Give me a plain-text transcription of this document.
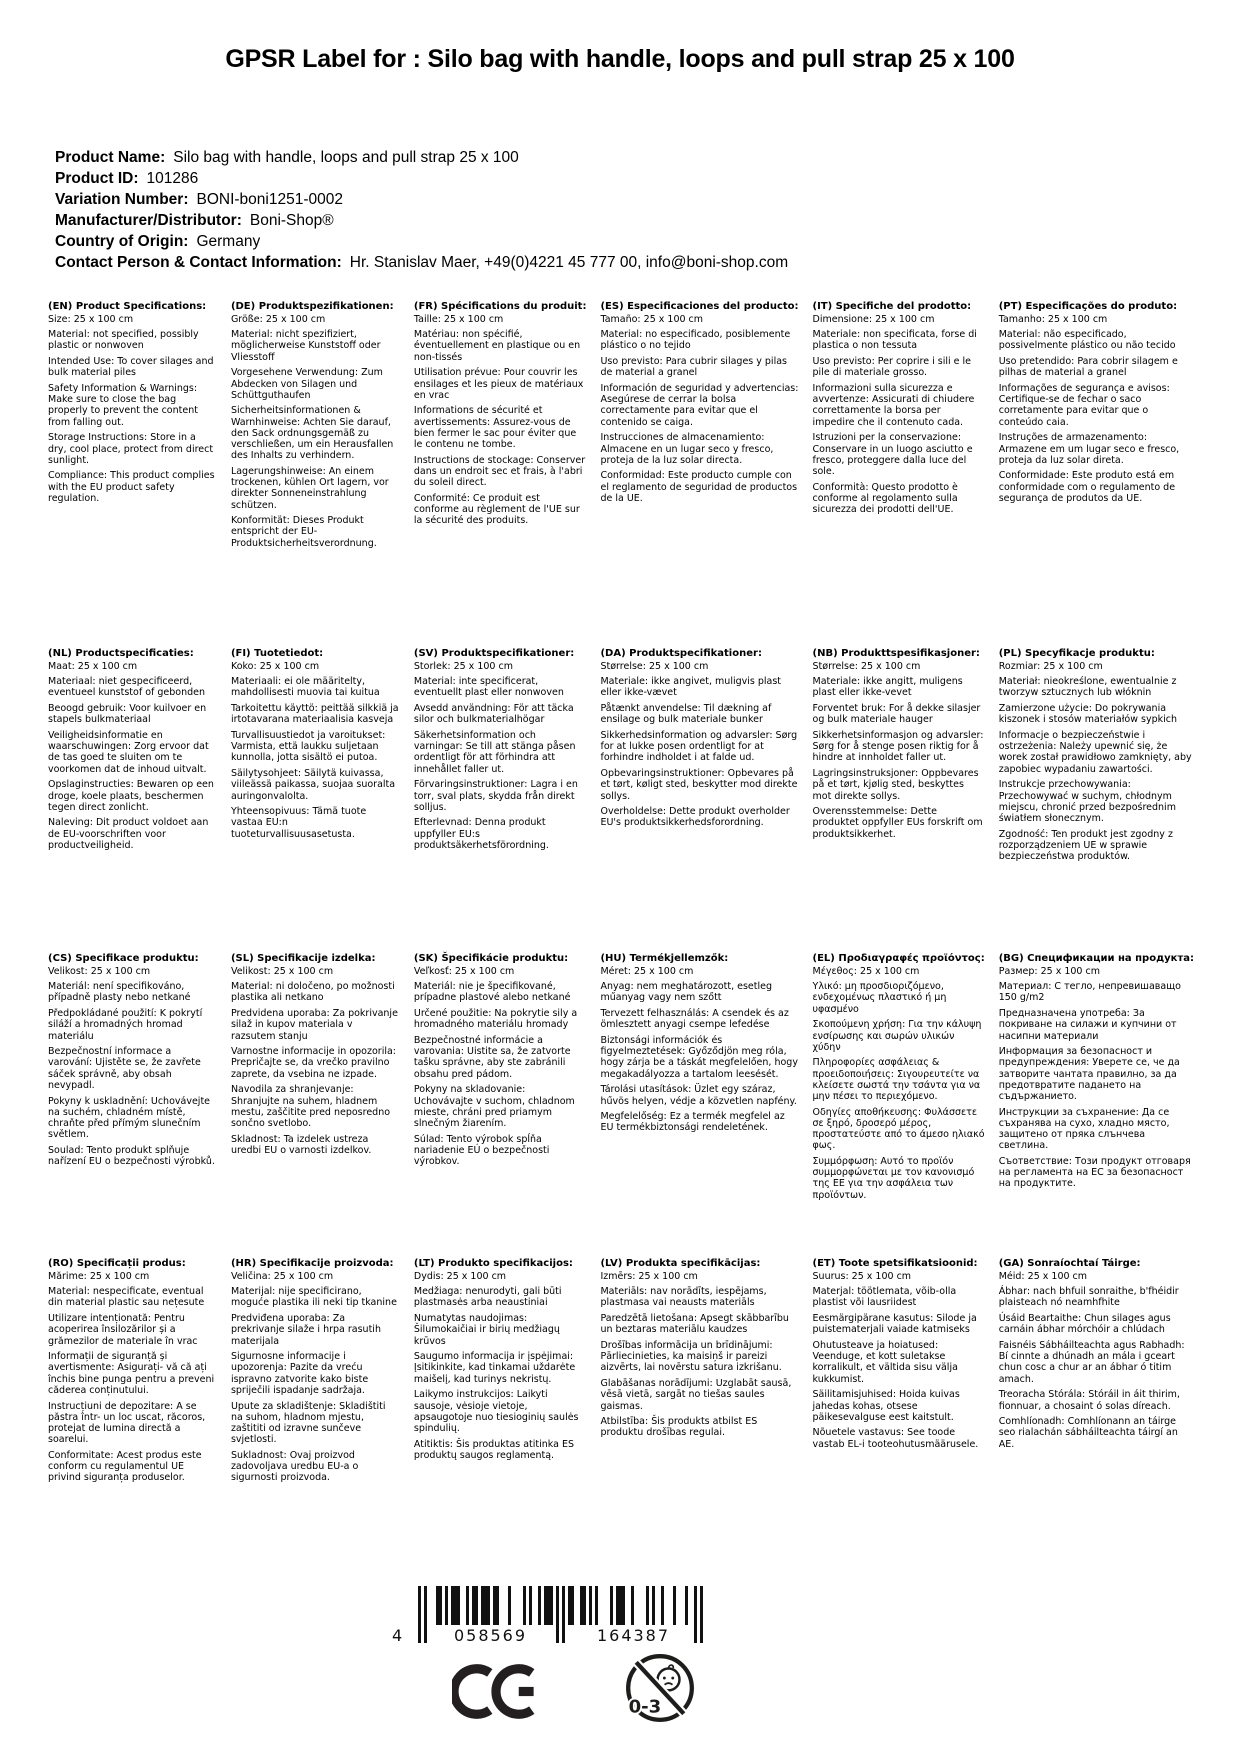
GPSR Label for : Silo bag with handle, loops and pull strap 25 x 100
Product Name: Silo bag with handle, loops and pull strap 25 x 100
Product ID: 101286
Variation Number: BONI-boni1251-0002
Manufacturer/Distributor: Boni-Shop®
Country of Origin: Germany
Contact Person & Contact Information: Hr. Stanislav Maer, +49(0)4221 45 777 00, info@boni-shop.com
(EN) Product Specifications:

Size: 25 x 100 cm

Material: not specified, possibly plastic or nonwoven

Intended Use: To cover silages and bulk material piles

Safety Information & Warnings: Make sure to close the bag properly to prevent the content from falling out.

Storage Instructions: Store in a dry, cool place, protect from direct sunlight.

Compliance: This product complies with the EU product safety regulation.

(DE) Produktspezifikationen:

Größe: 25 x 100 cm

Material: nicht spezifiziert, möglicherweise Kunststoff oder Vliesstoff

Vorgesehene Verwendung: Zum Abdecken von Silagen und Schüttguthaufen

Sicherheitsinformationen & Warnhinweise: Achten Sie darauf, den Sack ordnungsgemäß zu verschließen, um ein Herausfallen des Inhalts zu verhindern.

Lagerungshinweise: An einem trockenen, kühlen Ort lagern, vor direkter Sonneneinstrahlung schützen.

Konformität: Dieses Produkt entspricht der EU-Produktsicherheitsverordnung.

(FR) Spécifications du produit:

Taille: 25 x 100 cm

Matériau: non spécifié, éventuellement en plastique ou en non-tissés

Utilisation prévue: Pour couvrir les ensilages et les pieux de matériaux en vrac

Informations de sécurité et avertissements: Assurez-vous de bien fermer le sac pour éviter que le contenu ne tombe.

Instructions de stockage: Conserver dans un endroit sec et frais, à l'abri du soleil direct.

Conformité: Ce produit est conforme au règlement de l'UE sur la sécurité des produits.

(ES) Especificaciones del producto:

Tamaño: 25 x 100 cm

Material: no especificado, posiblemente plástico o no tejido

Uso previsto: Para cubrir silages y pilas de material a granel

Información de seguridad y advertencias: Asegúrese de cerrar la bolsa correctamente para evitar que el contenido se caiga.

Instrucciones de almacenamiento: Almacene en un lugar seco y fresco, proteja de la luz solar directa.

Conformidad: Este producto cumple con el reglamento de seguridad de productos de la UE.

(IT) Specifiche del prodotto:

Dimensione: 25 x 100 cm

Materiale: non specificata, forse di plastica o non tessuta

Uso previsto: Per coprire i sili e le pile di materiale grosso.

Informazioni sulla sicurezza e avvertenze: Assicurati di chiudere correttamente la borsa per impedire che il contenuto cada.

Istruzioni per la conservazione: Conservare in un luogo asciutto e fresco, proteggere dalla luce del sole.

Conformità: Questo prodotto è conforme al regolamento sulla sicurezza dei prodotti dell'UE.

(PT) Especificações do produto:

Tamanho: 25 x 100 cm

Material: não especificado, possivelmente plástico ou não tecido

Uso pretendido: Para cobrir silagem e pilhas de material a granel

Informações de segurança e avisos: Certifique-se de fechar o saco corretamente para evitar que o conteúdo caia.

Instruções de armazenamento: Armazene em um lugar seco e fresco, proteja da luz solar direta.

Conformidade: Este produto está em conformidade com o regulamento de segurança de produtos da UE.

(NL) Productspecificaties:

Maat: 25 x 100 cm

Materiaal: niet gespecificeerd, eventueel kunststof of gebonden

Beoogd gebruik: Voor kuilvoer en stapels bulkmateriaal

Veiligheidsinformatie en waarschuwingen: Zorg ervoor dat de tas goed te sluiten om te voorkomen dat de inhoud uitvalt.

Opslaginstructies: Bewaren op een droge, koele plaats, beschermen tegen direct zonlicht.

Naleving: Dit product voldoet aan de EU-voorschriften voor productveiligheid.

(FI) Tuotetiedot:

Koko: 25 x 100 cm

Materiaali: ei ole määritelty, mahdollisesti muovia tai kuitua

Tarkoitettu käyttö: peittää silkkiä ja irtotavarana materiaalisia kasveja

Turvallisuustiedot ja varoitukset: Varmista, että laukku suljetaan kunnolla, jotta sisältö ei putoa.

Säilytysohjeet: Säilytä kuivassa, viileässä paikassa, suojaa suoralta auringonvalolta.

Yhteensopivuus: Tämä tuote vastaa EU:n tuoteturvallisuusasetusta.

(SV) Produktspecifikationer:

Storlek: 25 x 100 cm

Material: inte specificerat, eventuellt plast eller nonwoven

Avsedd användning: För att täcka silor och bulkmaterialhögar

Säkerhetsinformation och varningar: Se till att stänga påsen ordentligt för att förhindra att innehållet faller ut.

Förvaringsinstruktioner: Lagra i en torr, sval plats, skydda från direkt solljus.

Efterlevnad: Denna produkt uppfyller EU:s produktsäkerhetsförordning.

(DA) Produktspecifikationer:

Størrelse: 25 x 100 cm

Materiale: ikke angivet, muligvis plast eller ikke-vævet

Påtænkt anvendelse: Til dækning af ensilage og bulk materiale bunker

Sikkerhedsinformation og advarsler: Sørg for at lukke posen ordentligt for at forhindre indholdet i at falde ud.

Opbevaringsinstruktioner: Opbevares på et tørt, køligt sted, beskytter mod direkte sollys.

Overholdelse: Dette produkt overholder EU's produktsikkerhedsforordning.

(NB) Produkttspesifikasjoner:

Størrelse: 25 x 100 cm

Materiale: ikke angitt, muligens plast eller ikke-vevet

Forventet bruk: For å dekke silasjer og bulk materiale hauger

Sikkerhetsinformasjon og advarsler: Sørg for å stenge posen riktig for å hindre at innholdet faller ut.

Lagringsinstruksjoner: Oppbevares på et tørt, kjølig sted, beskyttes mot direkte sollys.

Overensstemmelse: Dette produktet oppfyller EUs forskrift om produktsikkerhet.

(PL) Specyfikacje produktu:

Rozmiar: 25 x 100 cm

Materiał: nieokreślone, ewentualnie z tworzyw sztucznych lub włóknin

Zamierzone użycie: Do pokrywania kiszonek i stosów materiałów sypkich

Informacje o bezpieczeństwie i ostrzeżenia: Należy upewnić się, że worek został prawidłowo zamknięty, aby zapobiec wypadaniu zawartości.

Instrukcje przechowywania: Przechowywać w suchym, chłodnym miejscu, chronić przed bezpośrednim światłem słonecznym.

Zgodność: Ten produkt jest zgodny z rozporządzeniem UE w sprawie bezpieczeństwa produktów.

(CS) Specifikace produktu:

Velikost: 25 x 100 cm

Materiál: není specifikováno, případně plasty nebo netkané

Předpokládané použití: K pokrytí siláží a hromadných hromad materiálu

Bezpečnostní informace a varování: Ujistěte se, že zavřete sáček správně, aby obsah nevypadl.

Pokyny k uskladnění: Uchovávejte na suchém, chladném místě, chraňte před přímým slunečním světlem.

Soulad: Tento produkt splňuje nařízení EU o bezpečnosti výrobků.

(SL) Specifikacije izdelka:

Velikost: 25 x 100 cm

Material: ni določeno, po možnosti plastika ali netkano

Predvidena uporaba: Za pokrivanje silaž in kupov materiala v razsutem stanju

Varnostne informacije in opozorila: Prepričajte se, da vrečko pravilno zaprete, da vsebina ne izpade.

Navodila za shranjevanje: Shranjujte na suhem, hladnem mestu, zaščitite pred neposredno sončno svetlobo.

Skladnost: Ta izdelek ustreza uredbi EU o varnosti izdelkov.

(SK) Špecifikácie produktu:

Veľkosť: 25 x 100 cm

Materiál: nie je špecifikované, prípadne plastové alebo netkané

Určené použitie: Na pokrytie sily a hromadného materiálu hromady

Bezpečnostné informácie a varovania: Uistite sa, že zatvorte tašku správne, aby ste zabránili obsahu pred pádom.

Pokyny na skladovanie: Uchovávajte v suchom, chladnom mieste, chráni pred priamym slnečným žiarením.

Súlad: Tento výrobok spĺňa nariadenie EÚ o bezpečnosti výrobkov.

(HU) Termékjellemzők:

Méret: 25 x 100 cm

Anyag: nem meghatározott, esetleg műanyag vagy nem szőtt

Tervezett felhasználás: A csendek és az ömlesztett anyagi csempe lefedése

Biztonsági információk és figyelmeztetések: Győződjön meg róla, hogy zárja be a táskát megfelelően, hogy megakadályozza a tartalom leesését.

Tárolási utasítások: Üzlet egy száraz, hűvös helyen, védje a közvetlen napfény.

Megfelelőség: Ez a termék megfelel az EU termékbiztonsági rendeletének.

(EL) Προδιαγραφές προϊόντος:

Μέγεθος: 25 x 100 cm

Υλικό: μη προσδιοριζόμενο, ενδεχομένως πλαστικό ή μη υφασμένο

Σκοπούμενη χρήση: Για την κάλυψη ενσίρωσης και σωρών υλικών χύδην

Πληροφορίες ασφάλειας & προειδοποιήσεις: Σιγουρευτείτε να κλείσετε σωστά την τσάντα για να μην πέσει το περιεχόμενο.

Οδηγίες αποθήκευσης: Φυλάσσετε σε ξηρό, δροσερό μέρος, προστατεύστε από το άμεσο ηλιακό φως.

Συμμόρφωση: Αυτό το προϊόν συμμορφώνεται με τον κανονισμό της ΕΕ για την ασφάλεια των προϊόντων.

(BG) Спецификации на продукта:

Размер: 25 x 100 cm

Материал: С тегло, непревишаващо 150 g/m2

Предназначена употреба: За покриване на силажи и купчини от насипни материали

Информация за безопасност и предупреждения: Уверете се, че да затворите чантата правилно, за да предотвратите падането на съдържанието.

Инструкции за съхранение: Да се съхранява на сухо, хладно място, защитено от пряка слънчева светлина.

Съответствие: Този продукт отговаря на регламента на ЕС за безопасност на продуктите.

(RO) Specificații produs:

Mărime: 25 x 100 cm

Material: nespecificate, eventual din material plastic sau nețesute

Utilizare intenționată: Pentru acoperirea însilozărilor și a grămezilor de materiale în vrac

Informații de siguranță și avertismente: Asigurați- vă că ați închis bine punga pentru a preveni căderea conținutului.

Instrucțiuni de depozitare: A se păstra într- un loc uscat, răcoros, protejat de lumina directă a soarelui.

Conformitate: Acest produs este conform cu regulamentul UE privind siguranța produselor.

(HR) Specifikacije proizvoda:

Veličina: 25 x 100 cm

Materijal: nije specificirano, moguće plastika ili neki tip tkanine

Predviđena uporaba: Za prekrivanje silaže i hrpa rasutih materijala

Sigurnosne informacije i upozorenja: Pazite da vreću ispravno zatvorite kako biste spriječili ispadanje sadržaja.

Upute za skladištenje: Skladištiti na suhom, hladnom mjestu, zaštititi od izravne sunčeve svjetlosti.

Sukladnost: Ovaj proizvod zadovoljava uredbu EU-a o sigurnosti proizvoda.

(LT) Produkto specifikacijos:

Dydis: 25 x 100 cm

Medžiaga: nenurodyti, gali būti plastmasės arba neaustiniai

Numatytas naudojimas: Šilumokaičiai ir birių medžiagų krūvos

Saugumo informacija ir įspėjimai: Įsitikinkite, kad tinkamai uždarėte maišelį, kad turinys nekristų.

Laikymo instrukcijos: Laikyti sausoje, vėsioje vietoje, apsaugotoje nuo tiesioginių saulės spindulių.

Atitiktis: Šis produktas atitinka ES produktų saugos reglamentą.

(LV) Produkta specifikācijas:

Izmērs: 25 x 100 cm

Materiāls: nav norādīts, iespējams, plastmasa vai neausts materiāls

Paredzētā lietošana: Apsegt skābbarību un beztaras materiālu kaudzes

Drošības informācija un brīdinājumi: Pārliecinieties, ka maisiņš ir pareizi aizvērts, lai novērstu satura izkrišanu.

Glabāšanas norādījumi: Uzglabāt sausā, vēsā vietā, sargāt no tiešas saules gaismas.

Atbilstība: Šis produkts atbilst ES produktu drošības regulai.

(ET) Toote spetsifikatsioonid:

Suurus: 25 x 100 cm

Materjal: töötlemata, võib-olla plastist või lausriidest

Eesmärgipärane kasutus: Silode ja puistematerjali vaiade katmiseks

Ohutusteave ja hoiatused: Veenduge, et kott suletakse korralikult, et vältida sisu välja kukkumist.

Säilitamisjuhised: Hoida kuivas jahedas kohas, otsese päikesevalguse eest kaitstult.

Nõuetele vastavus: See toode vastab EL-i tooteohutusmäärusele.

(GA) Sonraíochtaí Táirge:

Méid: 25 x 100 cm

Ábhar: nach bhfuil sonraithe, b'fhéidir plaisteach nó neamhfhite

Úsáid Beartaithe: Chun silages agus carnáin ábhar mórchóir a chlúdach

Faisnéis Sábháilteachta agus Rabhadh: Bí cinnte a dhúnadh an mála i gceart chun cosc a chur ar an ábhar ó titim amach.

Treoracha Stórála: Stóráil in áit thirim, fionnuar, a chosaint ó solas díreach.

Comhlíonadh: Comhlíonann an táirge seo rialachán sábháilteachta táirgí an AE.

4	058569	164387
0-3
